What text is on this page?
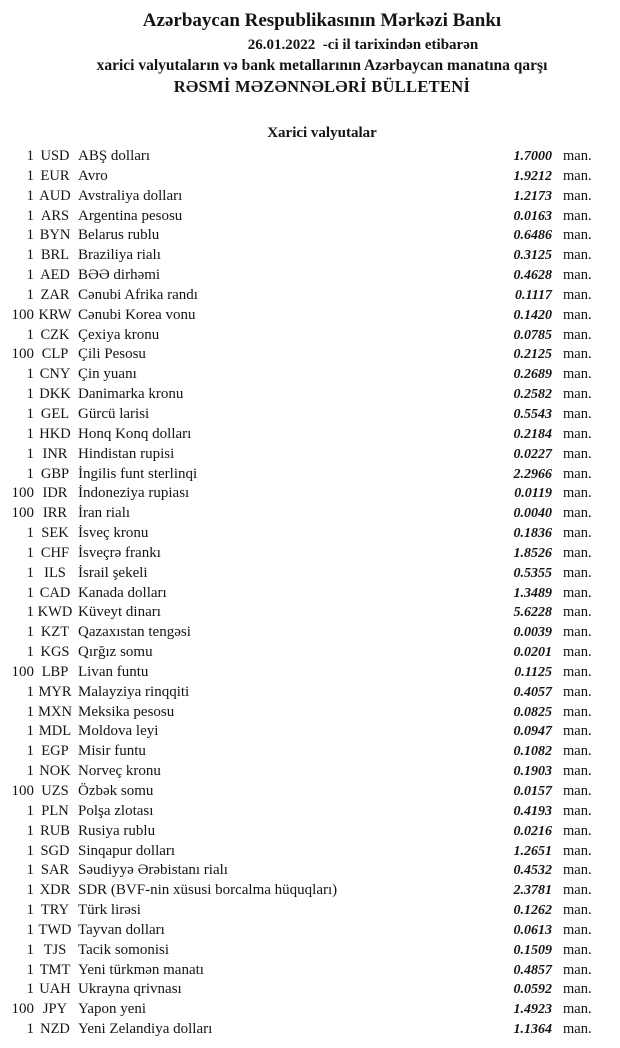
Azərbaycan Respublikasının Mərkəzi Bankı
26.01.2022  -ci il tarixindən etibarən
xarici valyutaların və bank metallarının Azərbaycan manatına qarşı
RƏSMİ MƏZƏNNƏLƏRİ BÜLLETENİ
Xarici valyutalar
1 USD ABŞ dolları	1.7000 man.
1 EUR Avro	1.9212 man.
1 AUD Avstraliya dolları	1.2173 man.
1 ARS Argentina pesosu	0.0163 man.
1 BYN Belarus rublu	0.6486 man.
1 BRL Braziliya rialı	0.3125 man.
1 AED BƏƏ dirhəmi	0.4628 man.
1 ZAR Cənubi Afrika randı	0.1117 man.
100 KRW Cənubi Korea vonu	0.1420 man.
1 CZK Çexiya kronu	0.0785 man.
100 CLP Çili Pesosu	0.2125 man.
1 CNY Çin yuanı	0.2689 man.
1 DKK Danimarka kronu	0.2582 man.
1 GEL Gürcü larisi	0.5543 man.
1 HKD Honq Konq dolları	0.2184 man.
1 INR Hindistan rupisi	0.0227 man.
1 GBP İngilis funt sterlinqi	2.2966 man.
100 IDR İndoneziya rupiası	0.0119 man.
100 IRR İran rialı	0.0040 man.
1 SEK İsveç kronu	0.1836 man.
1 CHF İsveçrə frankı	1.8526 man.
1 ILS İsrail şekeli	0.5355 man.
1 CAD Kanada dolları	1.3489 man.
1 KWD Küveyt dinarı	5.6228 man.
1 KZT Qazaxıstan tengəsi	0.0039 man.
1 KGS Qırğız somu	0.0201 man.
100 LBP Livan funtu	0.1125 man.
1 MYR Malayziya rinqqiti	0.4057 man.
1 MXN Meksika pesosu	0.0825 man.
1 MDL Moldova leyi	0.0947 man.
1 EGP Misir funtu	0.1082 man.
1 NOK Norveç kronu	0.1903 man.
100 UZS Özbək somu	0.0157 man.
1 PLN Polşa zlotası	0.4193 man.
1 RUB Rusiya rublu	0.0216 man.
1 SGD Sinqapur dolları	1.2651 man.
1 SAR Səudiyyə Ərəbistanı rialı	0.4532 man.
1 XDR SDR (BVF-nin xüsusi borcalma hüquqları)	2.3781 man.
1 TRY Türk lirəsi	0.1262 man.
1 TWD Tayvan dolları	0.0613 man.
1 TJS Tacik somonisi	0.1509 man.
1 TMT Yeni türkmən manatı	0.4857 man.
1 UAH Ukrayna qrivnası	0.0592 man.
100 JPY Yapon yeni	1.4923 man.
1 NZD Yeni Zelandiya dolları	1.1364 man.
